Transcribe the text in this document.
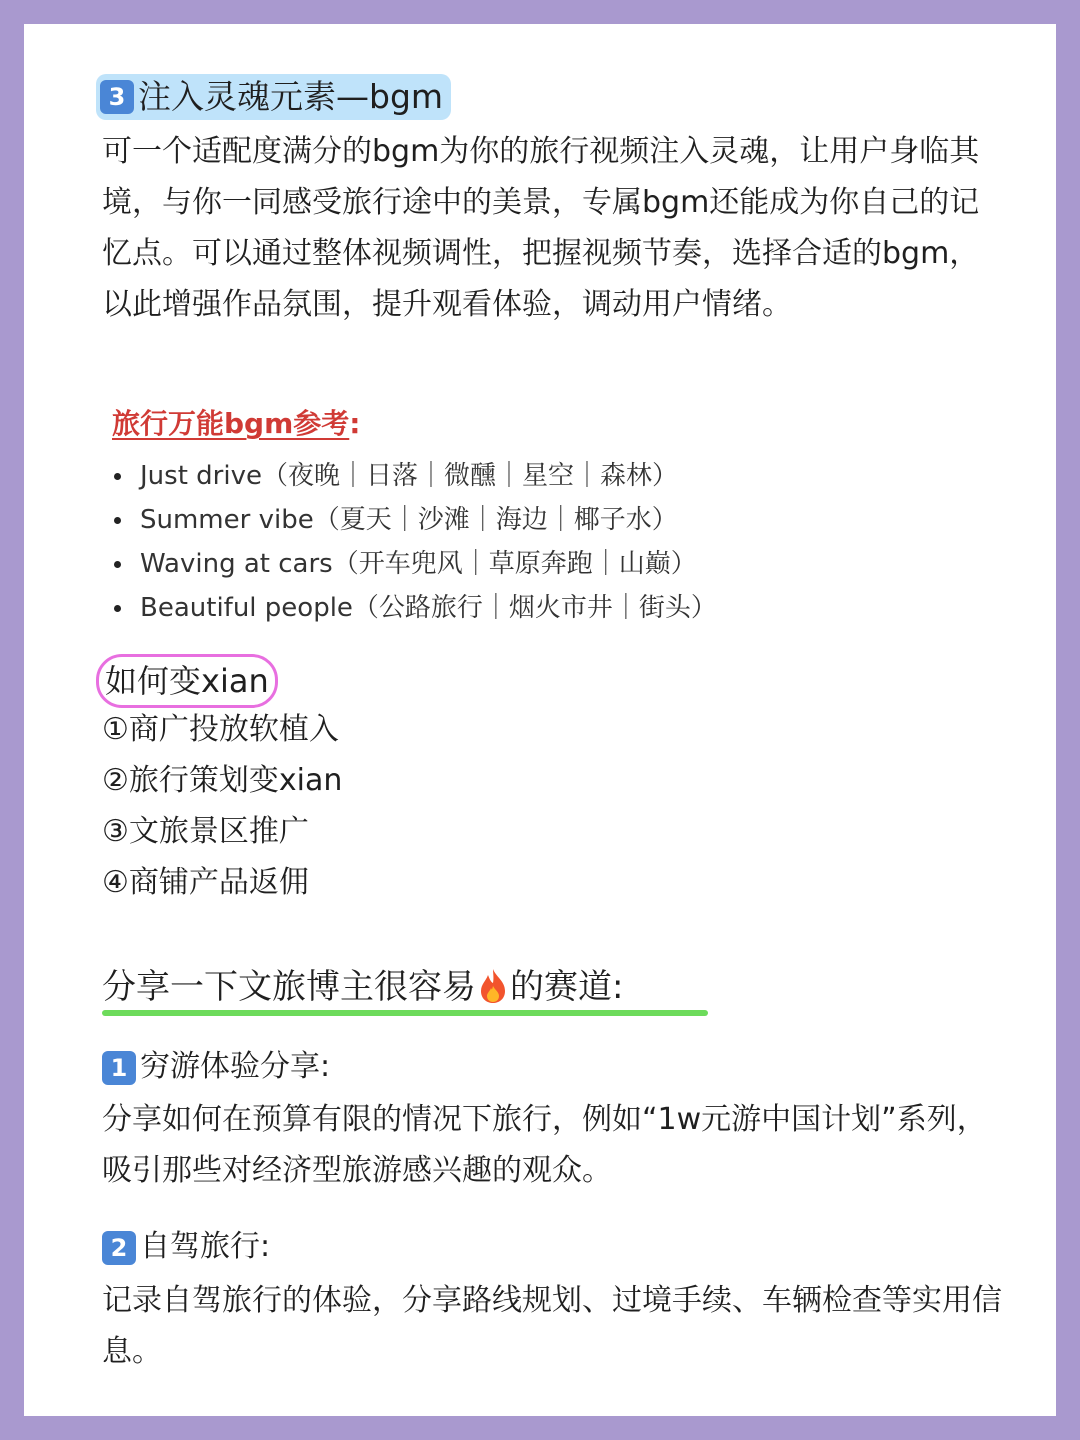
3 注入灵魂元素—bgm
可一个适配度满分的bgm为你的旅行视频注入灵魂，让用户身临其境，与你一同感受旅行途中的美景，专属bgm还能成为你自己的记忆点。可以通过整体视频调性，把握视频节奏，选择合适的bgm，以此增强作品氛围，提升观看体验，调动用户情绪。
旅行万能bgm参考:
Just drive（夜晚｜日落｜微醺｜星空｜森林）
Summer vibe（夏天｜沙滩｜海边｜椰子水）
Waving at cars（开车兜风｜草原奔跑｜山巅）
Beautiful people（公路旅行｜烟火市井｜街头）
如何变xian
①商广投放软植入
②旅行策划变xian
③文旅景区推广
④商铺产品返佣
分享一下文旅博主很容易 的赛道:
1 穷游体验分享:
分享如何在预算有限的情况下旅行，例如“1w元游中国计划”系列，吸引那些对经济型旅游感兴趣的观众。
2 自驾旅行:
记录自驾旅行的体验，分享路线规划、过境手续、车辆检查等实用信息。
